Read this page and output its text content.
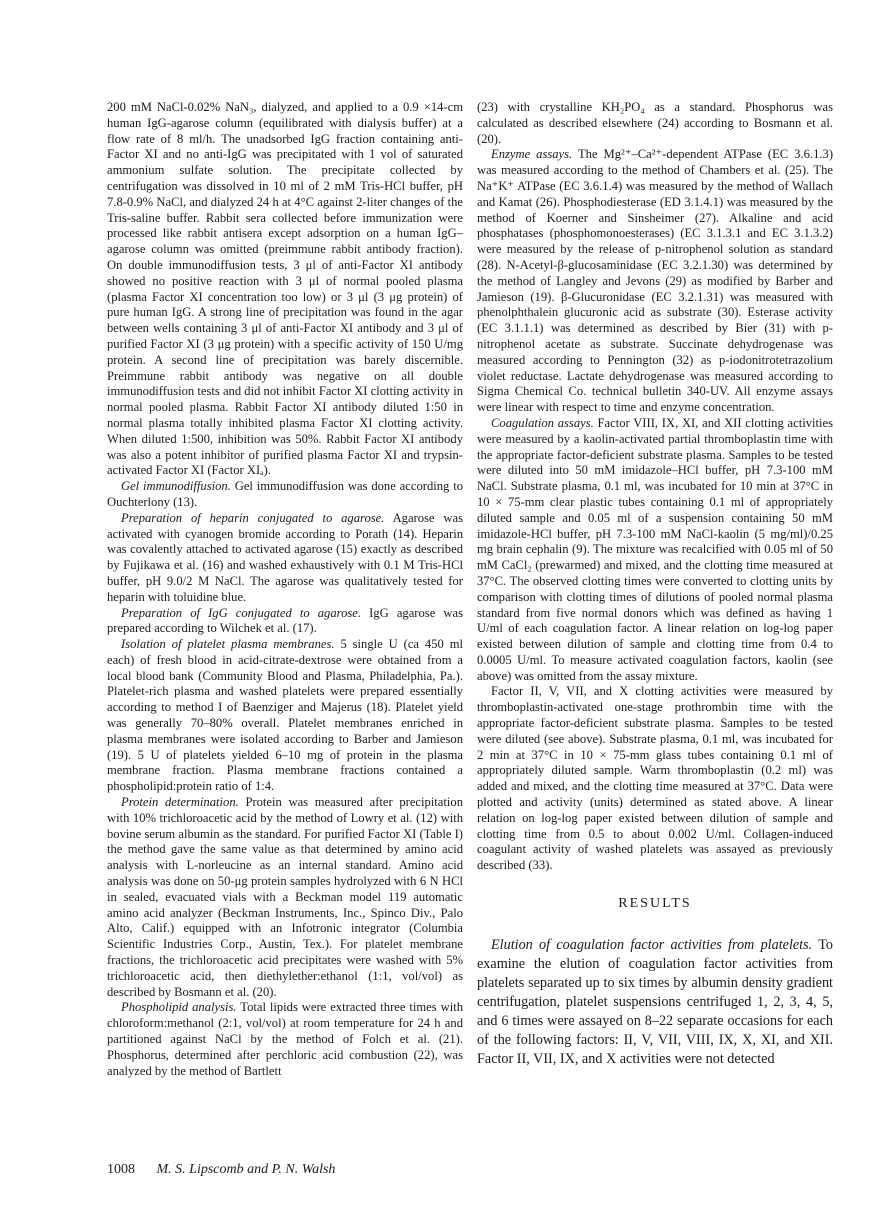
200 mM NaCl-0.02% NaN₃, dialyzed, and applied to a 0.9 ×14-cm human IgG-agarose column (equilibrated with dialysis buffer) at a flow rate of 8 ml/h. The unadsorbed IgG fraction containing anti-Factor XI and no anti-IgG was precipitated with 1 vol of saturated ammonium sulfate solution. The precipitate collected by centrifugation was dissolved in 10 ml of 2 mM Tris-HCl buffer, pH 7.8-0.9% NaCl, and dialyzed 24 h at 4°C against 2-liter changes of the Tris-saline buffer. Rabbit sera collected before immunization were processed like rabbit antisera except adsorption on a human IgG–agarose column was omitted (preimmune rabbit antibody fraction). On double immunodiffusion tests, 3 μl of anti-Factor XI antibody showed no positive reaction with 3 μl of normal pooled plasma (plasma Factor XI concentration too low) or 3 μl (3 μg protein) of pure human IgG. A strong line of precipitation was found in the agar between wells containing 3 μl of anti-Factor XI antibody and 3 μl of purified Factor XI (3 μg protein) with a specific activity of 150 U/mg protein. A second line of precipitation was barely discernible. Preimmune rabbit antibody was negative on all double immunodiffusion tests and did not inhibit Factor XI clotting activity in normal pooled plasma. Rabbit Factor XI antibody diluted 1:50 in normal plasma totally inhibited plasma Factor XI clotting activity. When diluted 1:500, inhibition was 50%. Rabbit Factor XI antibody was also a potent inhibitor of purified plasma Factor XI and trypsin-activated Factor XI (Factor XIₐ).

Gel immunodiffusion. Gel immunodiffusion was done according to Ouchterlony (13).

Preparation of heparin conjugated to agarose. Agarose was activated with cyanogen bromide according to Porath (14). Heparin was covalently attached to activated agarose (15) exactly as described by Fujikawa et al. (16) and washed exhaustively with 0.1 M Tris-HCl buffer, pH 9.0/2 M NaCl. The agarose was qualitatively tested for heparin with toluidine blue.

Preparation of IgG conjugated to agarose. IgG agarose was prepared according to Wilchek et al. (17).

Isolation of platelet plasma membranes. 5 single U (ca 450 ml each) of fresh blood in acid-citrate-dextrose were obtained from a local blood bank (Community Blood and Plasma, Philadelphia, Pa.). Platelet-rich plasma and washed platelets were prepared essentially according to method I of Baenziger and Majerus (18). Platelet yield was generally 70–80% overall. Platelet membranes enriched in plasma membranes were isolated according to Barber and Jamieson (19). 5 U of platelets yielded 6–10 mg of protein in the plasma membrane fraction. Plasma membrane fractions contained a phospholipid:protein ratio of 1:4.

Protein determination. Protein was measured after precipitation with 10% trichloroacetic acid by the method of Lowry et al. (12) with bovine serum albumin as the standard. For purified Factor XI (Table I) the method gave the same value as that determined by amino acid analysis with L-norleucine as an internal standard. Amino acid analysis was done on 50-μg protein samples hydrolyzed with 6 N HCl in sealed, evacuated vials with a Beckman model 119 automatic amino acid analyzer (Beckman Instruments, Inc., Spinco Div., Palo Alto, Calif.) equipped with an Infotronic integrator (Columbia Scientific Industries Corp., Austin, Tex.). For platelet membrane fractions, the trichloroacetic acid precipitates were washed with 5% trichloroacetic acid, then diethylether:ethanol (1:1, vol/vol) as described by Bosmann et al. (20).

Phospholipid analysis. Total lipids were extracted three times with chloroform:methanol (2:1, vol/vol) at room temperature for 24 h and partitioned against NaCl by the method of Folch et al. (21). Phosphorus, determined after perchloric acid combustion (22), was analyzed by the method of Bartlett

(23) with crystalline KH₂PO₄ as a standard. Phosphorus was calculated as described elsewhere (24) according to Bosmann et al. (20).

Enzyme assays. The Mg²⁺–Ca²⁺-dependent ATPase (EC 3.6.1.3) was measured according to the method of Chambers et al. (25). The Na⁺K⁺ ATPase (EC 3.6.1.4) was measured by the method of Wallach and Kamat (26). Phosphodiesterase (ED 3.1.4.1) was measured by the method of Koerner and Sinsheimer (27). Alkaline and acid phosphatases (phosphomonoesterases) (EC 3.1.3.1 and EC 3.1.3.2) were measured by the release of p-nitrophenol solution as standard (28). N-Acetyl-β-glucosaminidase (EC 3.2.1.30) was determined by the method of Langley and Jevons (29) as modified by Barber and Jamieson (19). β-Glucuronidase (EC 3.2.1.31) was measured with phenolphthalein glucuronic acid as substrate (30). Esterase activity (EC 3.1.1.1) was determined as described by Bier (31) with p-nitrophenol acetate as substrate. Succinate dehydrogenase was measured according to Pennington (32) as p-iodonitrotetrazolium violet reductase. Lactate dehydrogenase was measured according to Sigma Chemical Co. technical bulletin 340-UV. All enzyme assays were linear with respect to time and enzyme concentration.

Coagulation assays. Factor VIII, IX, XI, and XII clotting activities were measured by a kaolin-activated partial thromboplastin time with the appropriate factor-deficient substrate plasma. Samples to be tested were diluted into 50 mM imidazole–HCl buffer, pH 7.3-100 mM NaCl. Substrate plasma, 0.1 ml, was incubated for 10 min at 37°C in 10 × 75-mm clear plastic tubes containing 0.1 ml of appropriately diluted sample and 0.05 ml of a suspension containing 50 mM imidazole-HCl buffer, pH 7.3-100 mM NaCl-kaolin (5 mg/ml)/0.25 mg brain cephalin (9). The mixture was recalcified with 0.05 ml of 50 mM CaCl₂ (prewarmed) and mixed, and the clotting time measured at 37°C. The observed clotting times were converted to clotting units by comparison with clotting times of dilutions of pooled normal plasma standard from five normal donors which was defined as having 1 U/ml of each coagulation factor. A linear relation on log-log paper existed between dilution of sample and clotting time from 0.4 to 0.0005 U/ml. To measure activated coagulation factors, kaolin (see above) was omitted from the assay mixture.

Factor II, V, VII, and X clotting activities were measured by thromboplastin-activated one-stage prothrombin time with the appropriate factor-deficient substrate plasma. Samples to be tested were diluted (see above). Substrate plasma, 0.1 ml, was incubated for 2 min at 37°C in 10 × 75-mm glass tubes containing 0.1 ml of appropriately diluted sample. Warm thromboplastin (0.2 ml) was added and mixed, and the clotting time measured at 37°C. Data were plotted and activity (units) determined as stated above. A linear relation on log-log paper existed between dilution of sample and clotting time from 0.5 to about 0.002 U/ml. Collagen-induced coagulant activity of washed platelets was assayed as previously described (33).

RESULTS

Elution of coagulation factor activities from platelets. To examine the elution of coagulation factor activities from platelets separated up to six times by albumin density gradient centrifugation, platelet suspensions centrifuged 1, 2, 3, 4, 5, and 6 times were assayed on 8–22 separate occasions for each of the following factors: II, V, VII, VIII, IX, X, XI, and XII. Factor II, VII, IX, and X activities were not detected

1008 M. S. Lipscomb and P. N. Walsh
